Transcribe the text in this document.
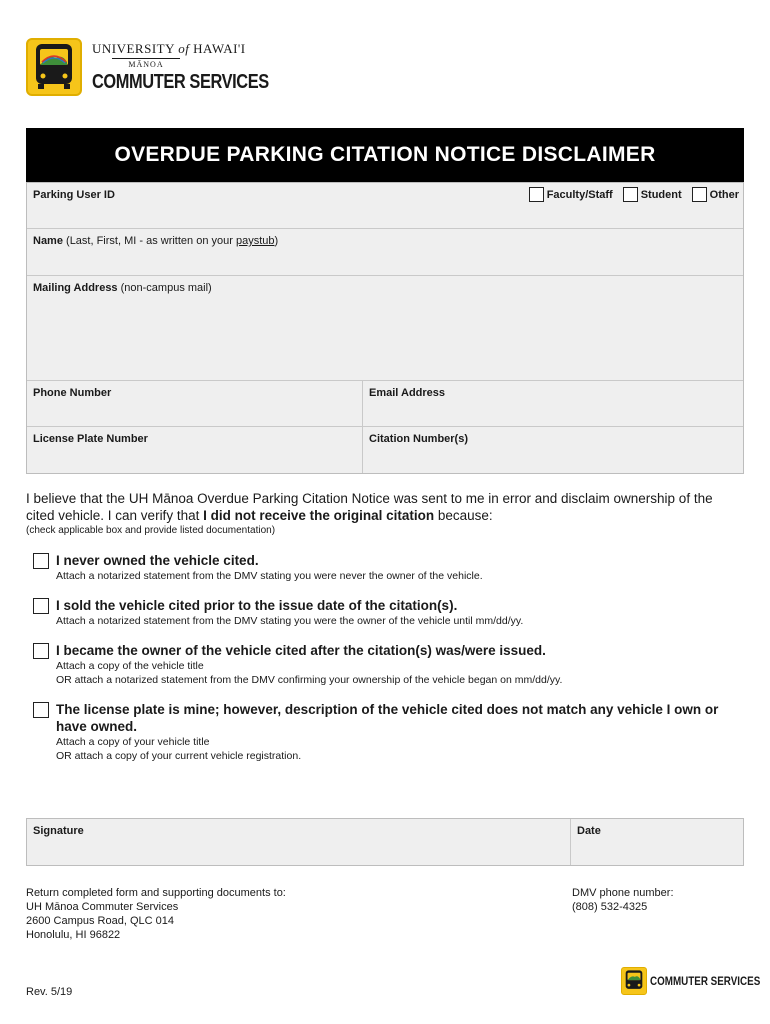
UNIVERSITY of HAWAI'I
MĀNOA
COMMUTER SERVICES
OVERDUE PARKING CITATION NOTICE DISCLAIMER
Parking User ID	Faculty/Staff	Student	Other
Name (Last, First, MI - as written on your paystub)
Mailing Address (non-campus mail)
Phone Number	Email Address
License Plate Number	Citation Number(s)
I believe that the UH Mānoa Overdue Parking Citation Notice was sent to me in error and disclaim ownership of the cited vehicle. I can verify that I did not receive the original citation because:
(check applicable box and provide listed documentation)
I never owned the vehicle cited.
Attach a notarized statement from the DMV stating you were never the owner of the vehicle.
I sold the vehicle cited prior to the issue date of the citation(s).
Attach a notarized statement from the DMV stating you were the owner of the vehicle until mm/dd/yy.
I became the owner of the vehicle cited after the citation(s) was/were issued.
Attach a copy of the vehicle title
OR attach a notarized statement from the DMV confirming your ownership of the vehicle began on mm/dd/yy.
The license plate is mine; however, description of the vehicle cited does not match any vehicle I own or have owned.
Attach a copy of your vehicle title
OR attach a copy of your current vehicle registration.
Signature	Date
Return completed form and supporting documents to:
UH Mānoa Commuter Services
2600 Campus Road, QLC 014
Honolulu, HI 96822
DMV phone number:
(808) 532-4325
Rev. 5/19
COMMUTER SERVICES
